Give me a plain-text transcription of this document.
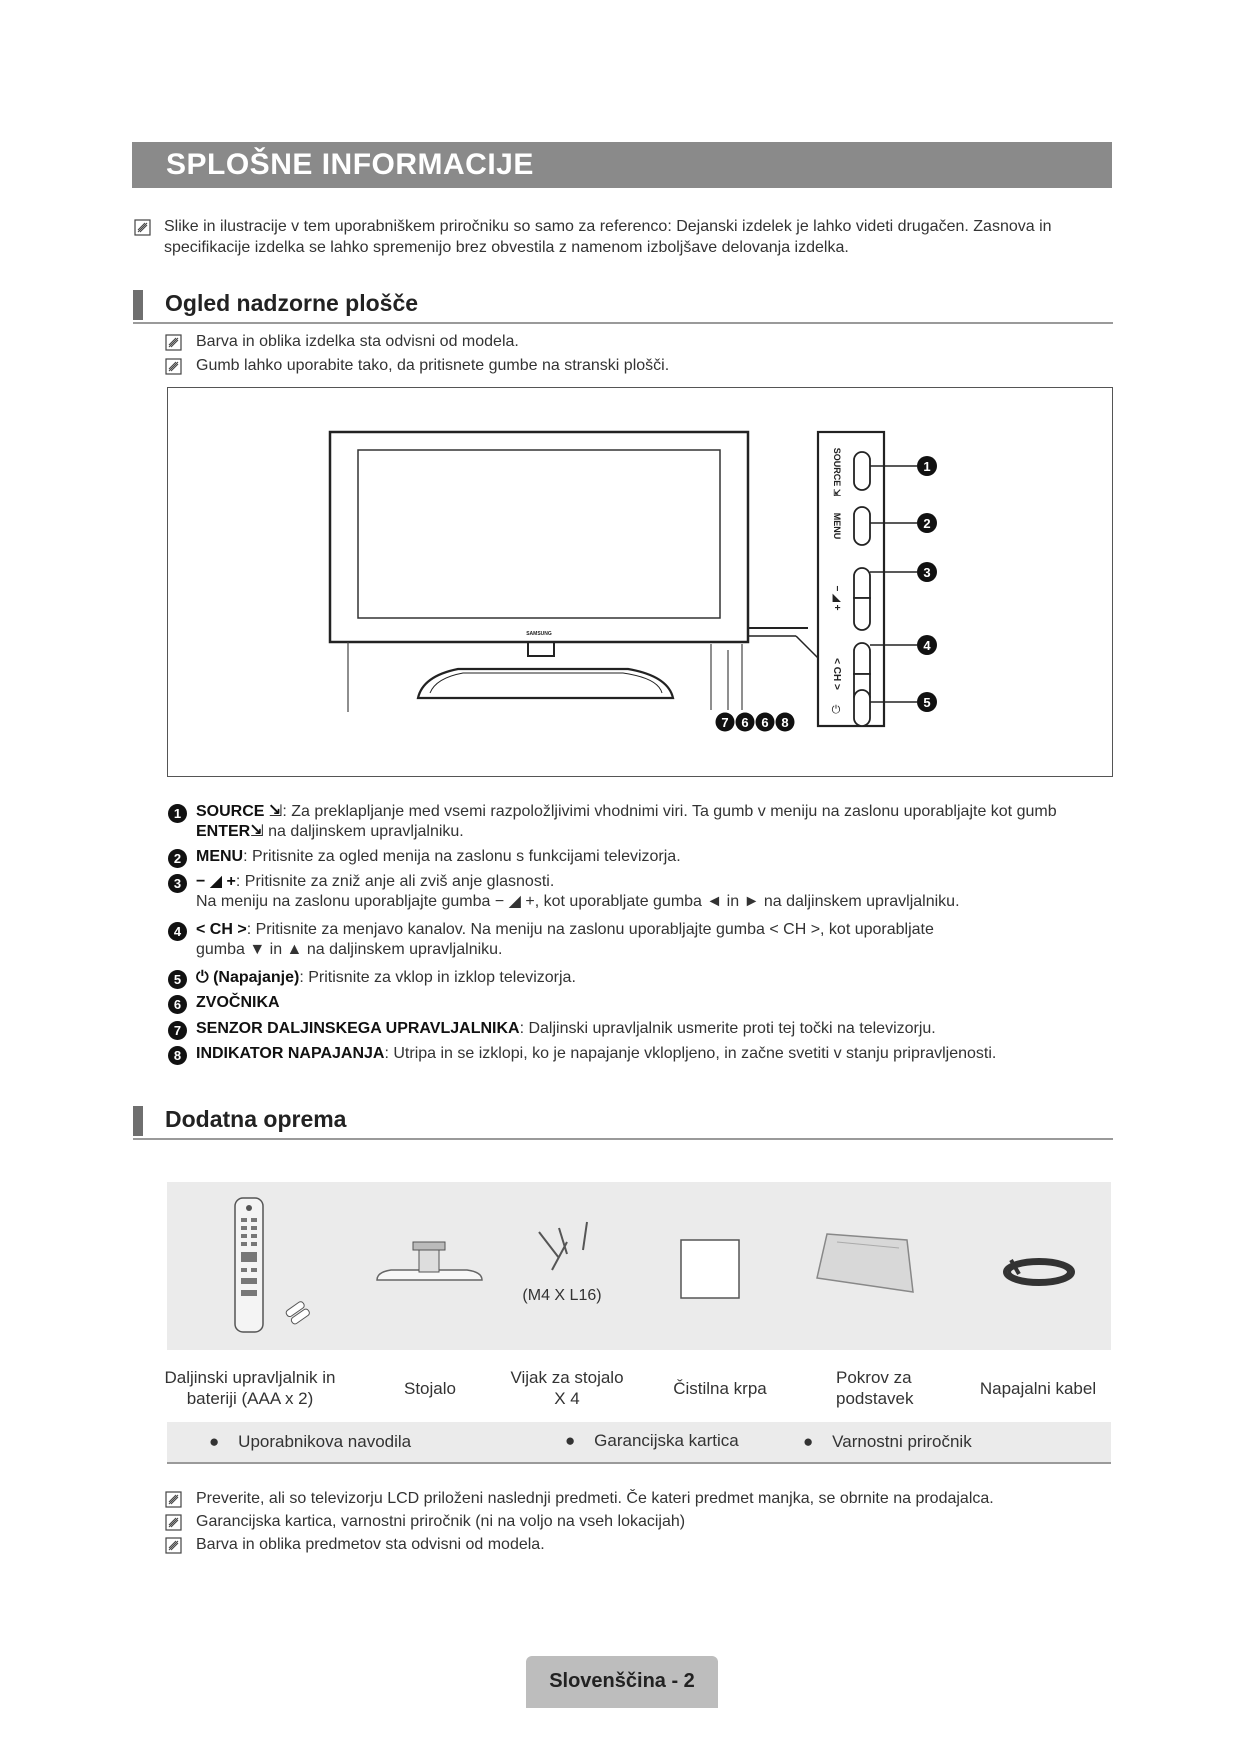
SPLOŠNE INFORMACIJE
Slike in ilustracije v tem uporabniškem priročniku so samo za referenco: Dejanski izdelek je lahko videti drugačen. Zasnova in specifikacije izdelka se lahko spremenijo brez obvestila z namenom izboljšave delovanja izdelka.
Ogled nadzorne plošče
Barva in oblika izdelka sta odvisni od modela.
Gumb lahko uporabite tako, da pritisnete gumbe na stranski plošči.
SAMSUNG
SOURCE ⇲
MENU
− ◢ +
< CH >
⏻
1
2
3
4
5
7 6 6 8
1 SOURCE ⇲: Za preklapljanje med vsemi razpoložljivimi vhodnimi viri. Ta gumb v meniju na zaslonu uporabljajte kot gumb
ENTER⇲ na daljinskem upravljalniku.
2 MENU: Pritisnite za ogled menija na zaslonu s funkcijami televizorja.
3 − ◢ +: Pritisnite za zniž anje ali zviš anje glasnosti.
Na meniju na zaslonu uporabljajte gumba − ◢ +, kot uporabljate gumba ◄ in ► na daljinskem upravljalniku.
4 < CH >: Pritisnite za menjavo kanalov. Na meniju na zaslonu uporabljajte gumba < CH >, kot uporabljate
gumba ▼ in ▲ na daljinskem upravljalniku.
5 ⏻ (Napajanje): Pritisnite za vklop in izklop televizorja.
6 ZVOČNIKA
7 SENZOR DALJINSKEGA UPRAVLJALNIKA: Daljinski upravljalnik usmerite proti tej točki na televizorju.
8 INDIKATOR NAPAJANJA: Utripa in se izklopi, ko je napajanje vklopljeno, in začne svetiti v stanju pripravljenosti.
Dodatna oprema
(M4 X L16)
Daljinski upravljalnik in
bateriji (AAA x 2)
Stojalo
Vijak za stojalo
X 4
Čistilna krpa
Pokrov za
podstavek
Napajalni kabel
●    Uporabnikova navodila	●    Garancijska kartica	●    Varnostni priročnik
Preverite, ali so televizorju LCD priloženi naslednji predmeti. Če kateri predmet manjka, se obrnite na prodajalca.
Garancijska kartica, varnostni priročnik (ni na voljo na vseh lokacijah)
Barva in oblika predmetov sta odvisni od modela.
Slovenščina - 2
